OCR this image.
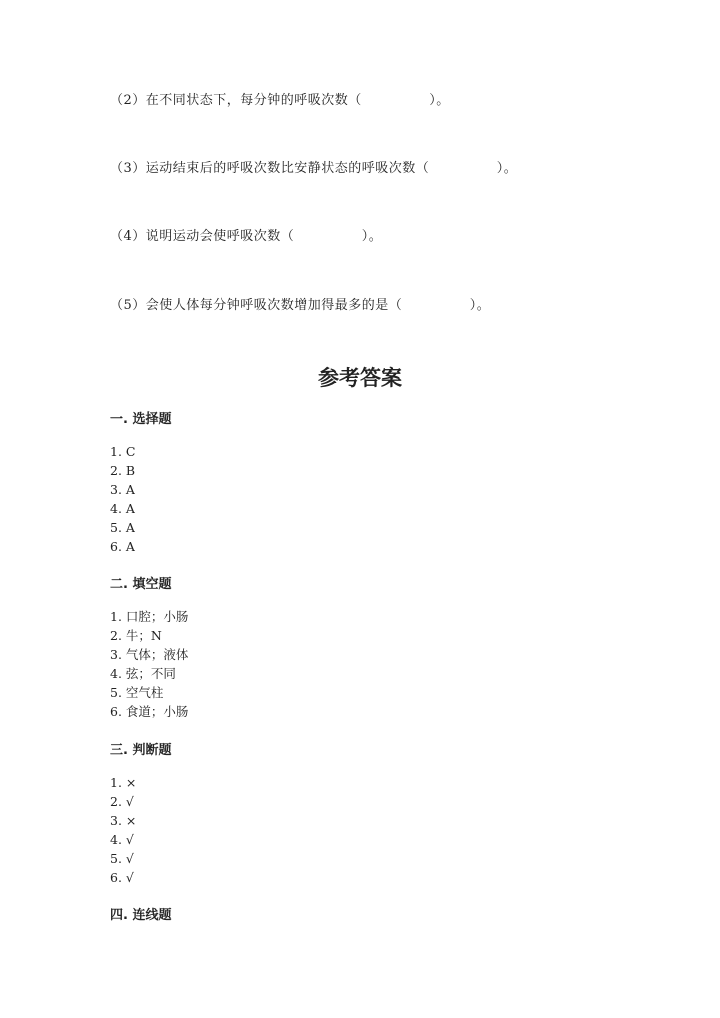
（2）在不同状态下，每分钟的呼吸次数（　　　　　）。
（3）运动结束后的呼吸次数比安静状态的呼吸次数（　　　　　）。
（4）说明运动会使呼吸次数（　　　　　）。
（5）会使人体每分钟呼吸次数增加得最多的是（　　　　　）。
参考答案
一. 选择题
1. C
2. B
3. A
4. A
5. A
6. A
二. 填空题
1. 口腔；小肠
2. 牛；N
3. 气体；液体
4. 弦；不同
5. 空气柱
6. 食道；小肠
三. 判断题
1. ×
2. √
3. ×
4. √
5. √
6. √
四. 连线题
